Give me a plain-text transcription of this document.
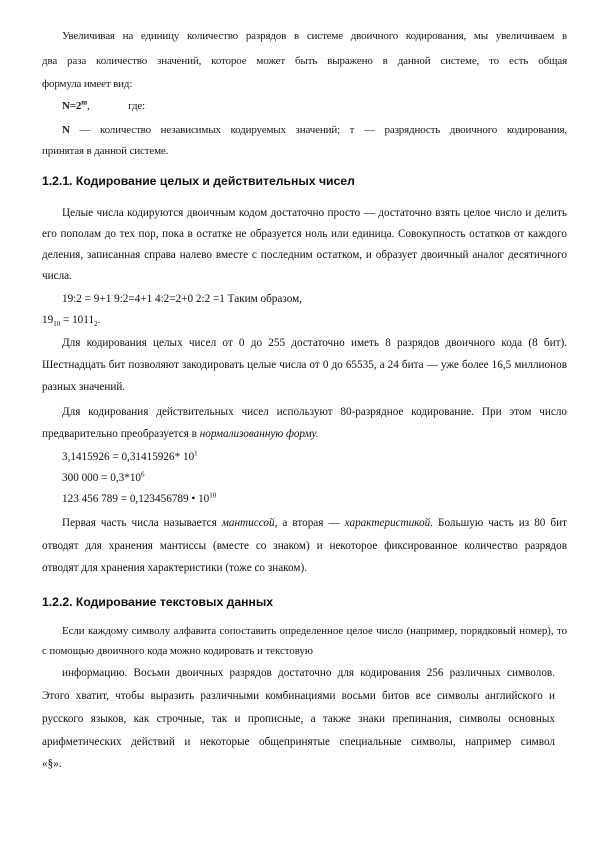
Увеличивая на единицу количество разрядов в системе двоичного кодирования, мы увеличиваем в
два раза количество значений, которое может быть выражено в данной системе, то есть общая
формула имеет вид:
$N=2^m$,	где:
N — количество независимых кодируемых значений; т — разрядность двоичного кодирования,
принятая в данной системе.
1.2.1. Кодирование целых и действительных чисел
Целые числа кодируются двоичным кодом достаточно просто — достаточно взять целое число и делить
его пополам до тех пор, пока в остатке не образуется ноль или единица. Совокупность остатков от каждого
деления, записанная справа налево вместе с последним остатком, и образует двоичный аналог десятичного
числа.
19:2 = 9+1 9:2=4+1 4:2=2+0 2:2 =1 Таким образом,
$19_{10} = 1011_2$.
Для кодирования целых чисел от 0 до 255 достаточно иметь 8 разрядов двоичного кода (8 бит).
Шестнадцать бит позволяют закодировать целые числа от 0 до 65535, а 24 бита — уже более 16,5 миллионов
разных значений.
Для кодирования действительных чисел используют 80-разрядное кодирование. При этом число
предварительно преобразуется в нормализованную форму.
3,1415926 = 0,31415926* $10^1$
300 $000 = 0,3*10^6$
123 456 789 = 0,123456789 • $10^{10}$
Первая часть числа называется мантиссой, а вторая — характеристикой. Большую часть из 80 бит
отводят для хранения мантиссы (вместе со знаком) и некоторое фиксированное количество разрядов
отводят для хранения характеристики (тоже со знаком).
1.2.2. Кодирование текстовых данных
Если каждому символу алфавита сопоставить определенное целое число (например, порядковый номер), то
с помощью двоичного кода можно кодировать и текстовую
информацию. Восьми двоичных разрядов достаточно для кодирования 256 различных символов.
Этого хватит, чтобы выразить различными комбинациями восьми битов все символы английского и
русского языков, как строчные, так и прописные, а также знаки препинания, символы основных
арифметических действий и некоторые общепринятые специальные символы, например символ
«§».
